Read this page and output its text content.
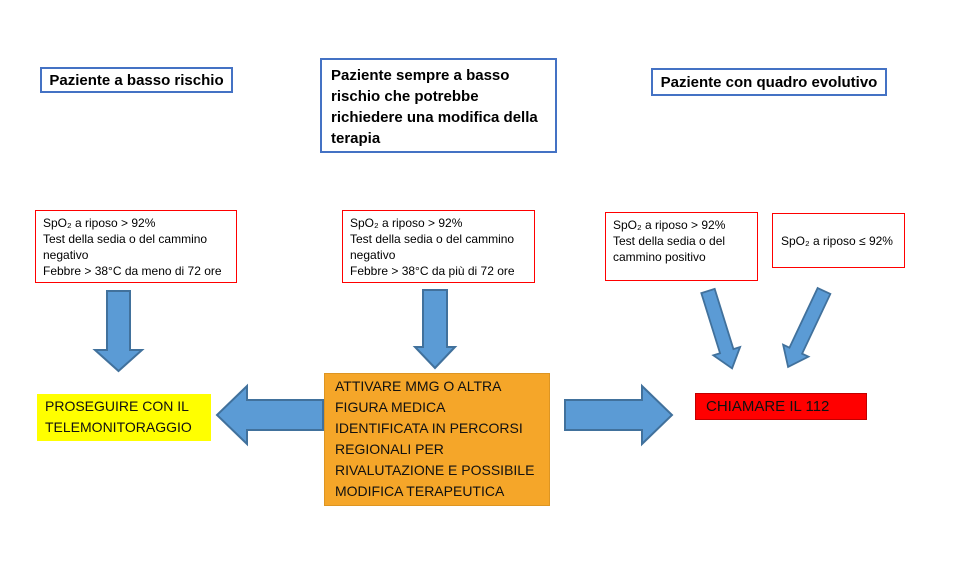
Paziente a basso rischio	Paziente sempre a basso rischio che potrebbe richiedere una modifica della terapia
Paziente con quadro evolutivo
SpO₂ a riposo > 92%
Test della sedia o del cammino negativo
Febbre > 38°C da meno di 72 ore
SpO₂ a riposo > 92%
Test della sedia o del cammino negativo
Febbre > 38°C da più di 72 ore
SpO₂ a riposo > 92%
Test della sedia o del cammino positivo
SpO₂ a riposo ≤ 92%
PROSEGUIRE CON IL TELEMONITORAGGIO
ATTIVARE MMG O ALTRA FIGURA MEDICA IDENTIFICATA IN PERCORSI REGIONALI PER RIVALUTAZIONE E POSSIBILE MODIFICA TERAPEUTICA
CHIAMARE IL 112
